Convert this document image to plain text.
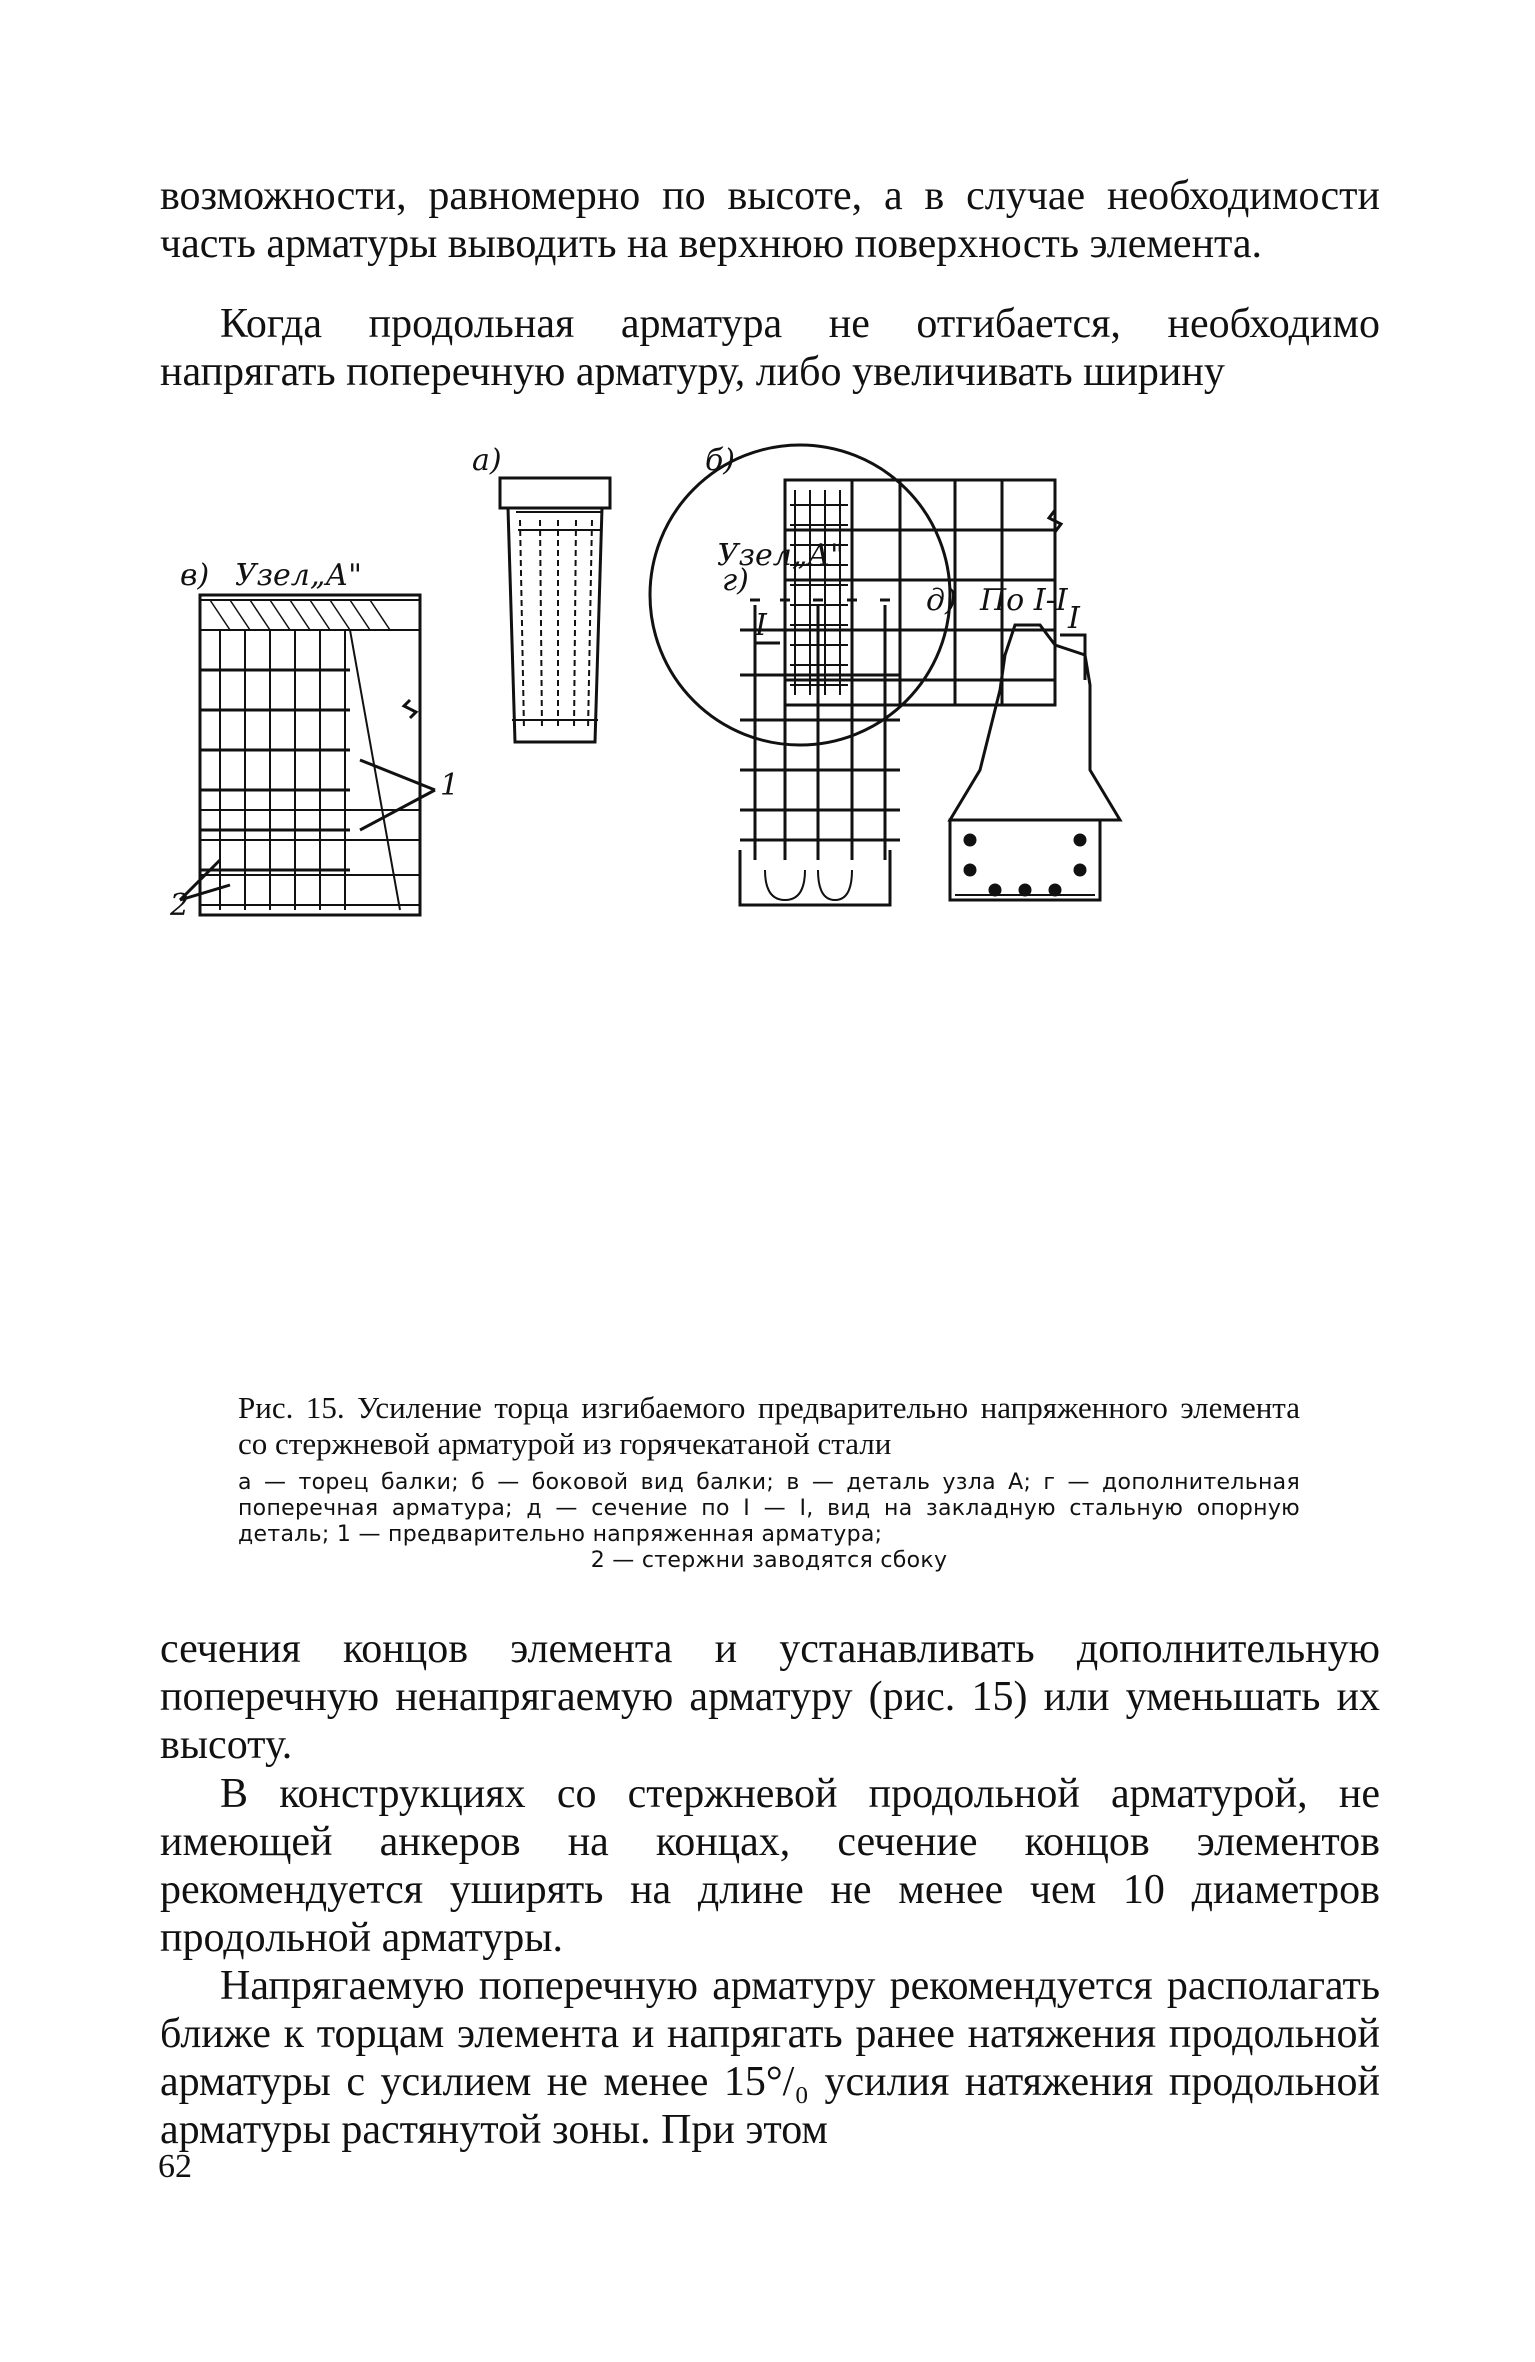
возможности, равномерно по высоте, а в случае необходимости часть арматуры выводить на верхнюю поверхность элемента.

Когда продольная арматура не отгибается, необходимо напрягать поперечную арматуру, либо увеличивать ширину

а)	б)
Узел„А"
I	I
в) Узел„А"
1
2
г)
д) По I-I

Рис. 15. Усиление торца изгибаемого предварительно напряженного элемента со стержневой арматурой из горячекатаной стали

а — торец балки; б — боковой вид балки; в — деталь узла А; г — дополнительная поперечная арматура; д — сечение по I — I, вид на закладную стальную опорную деталь; 1 — предварительно напряженная арматура;
2 — стержни заводятся сбоку

сечения концов элемента и устанавливать дополнительную поперечную ненапрягаемую арматуру (рис. 15) или уменьшать их высоту.

В конструкциях со стержневой продольной арматурой, не имеющей анкеров на концах, сечение концов элементов рекомендуется уширять на длине не менее чем 10 диаметров продольной арматуры.

Напрягаемую поперечную арматуру рекомендуется располагать ближе к торцам элемента и напрягать ранее натяжения продольной арматуры с усилием не менее 15°/₀ усилия натяжения продольной арматуры растянутой зоны. При этом

62
